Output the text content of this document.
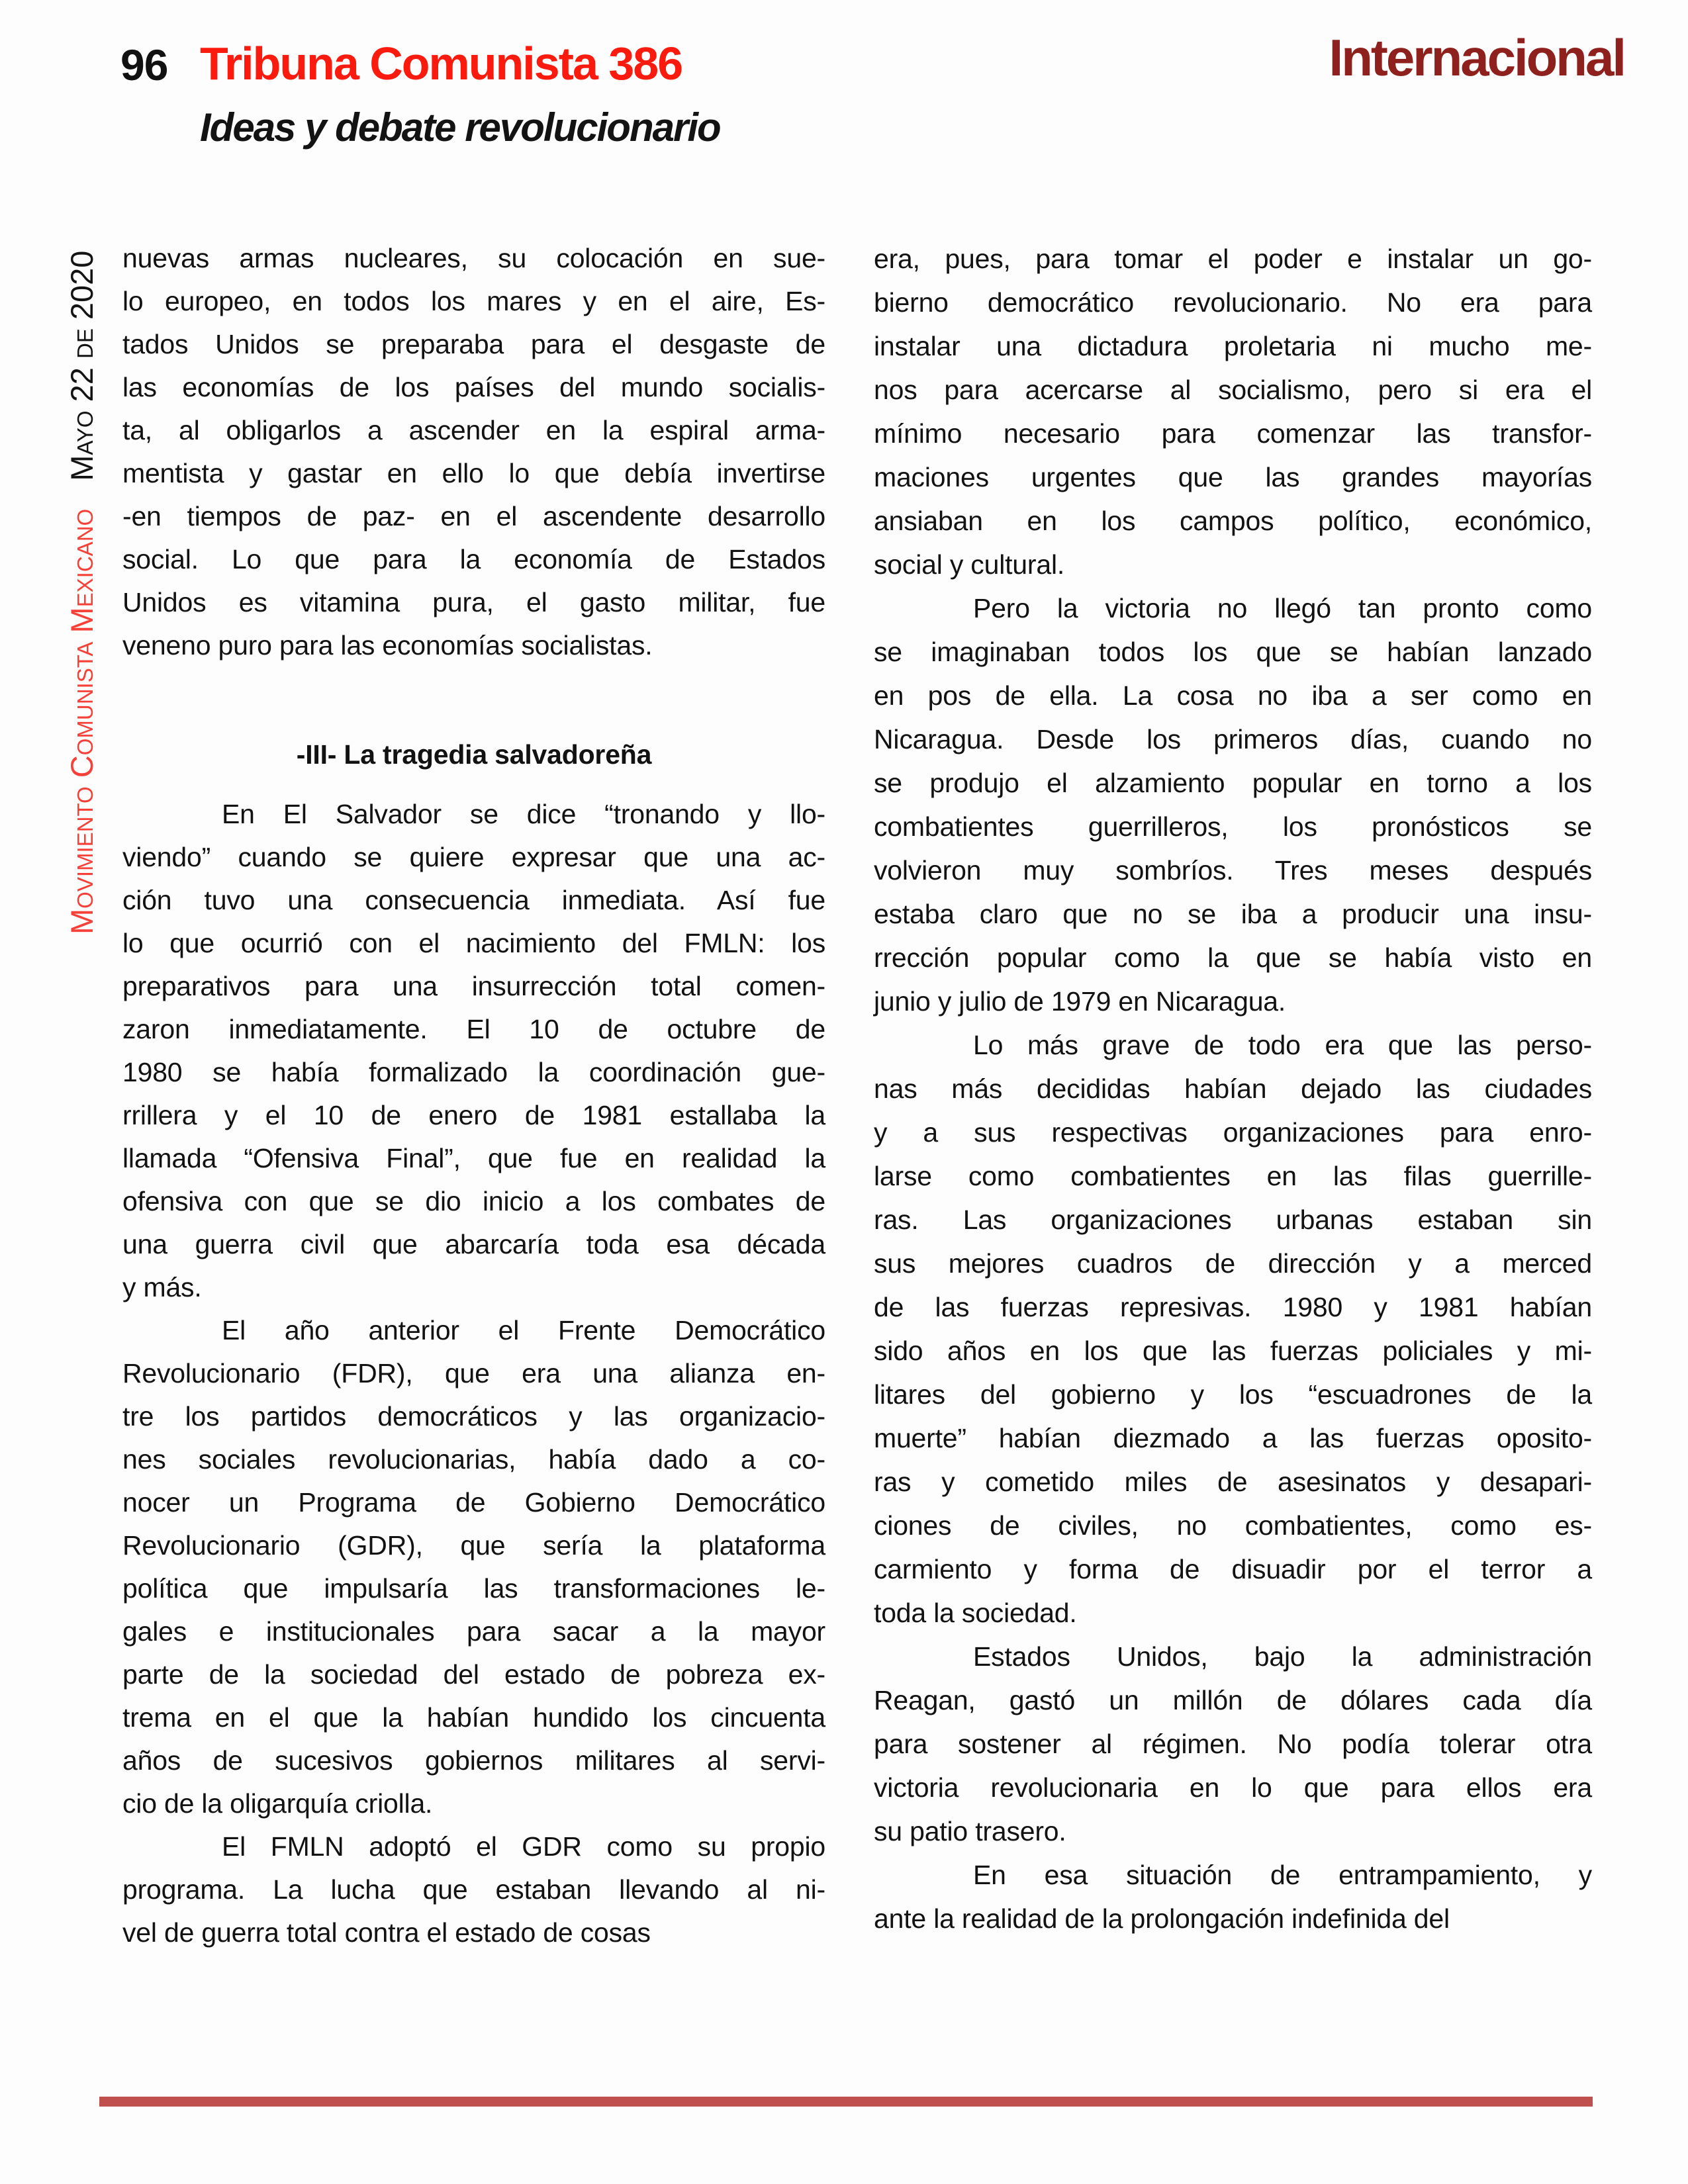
96 Tribuna Comunista 386
Ideas y debate revolucionario
Internacional
Movimiento Comunista MexicanoMayo 22 de 2020 nuevas armas nucleares, su colocación en sue-
lo europeo, en todos los mares y en el aire, Es-
tados Unidos se preparaba para el desgaste de
las economías de los países del mundo socialis-
ta, al obligarlos a ascender en la espiral arma-
mentista y gastar en ello lo que debía invertirse
-en tiempos de paz- en el ascendente desarrollo
social. Lo que para la economía de Estados
Unidos es vitamina pura, el gasto militar, fue
veneno puro para las economías socialistas.
-III- La tragedia salvadoreña
En El Salvador se dice “tronando y llo-
viendo” cuando se quiere expresar que una ac-
ción tuvo una consecuencia inmediata. Así fue
lo que ocurrió con el nacimiento del FMLN: los
preparativos para una insurrección total comen-
zaron inmediatamente. El 10 de octubre de
1980 se había formalizado la coordinación gue-
rrillera y el 10 de enero de 1981 estallaba la
llamada “Ofensiva Final”, que fue en realidad la
ofensiva con que se dio inicio a los combates de
una guerra civil que abarcaría toda esa década
y más.
El año anterior el Frente Democrático
Revolucionario (FDR), que era una alianza en-
tre los partidos democráticos y las organizacio-
nes sociales revolucionarias, había dado a co-
nocer un Programa de Gobierno Democrático
Revolucionario (GDR), que sería la plataforma
política que impulsaría las transformaciones le-
gales e institucionales para sacar a la mayor
parte de la sociedad del estado de pobreza ex-
trema en el que la habían hundido los cincuenta
años de sucesivos gobiernos militares al servi-
cio de la oligarquía criolla.
El FMLN adoptó el GDR como su propio
programa. La lucha que estaban llevando al ni-
vel de guerra total contra el estado de cosas
era, pues, para tomar el poder e instalar un go-
bierno democrático revolucionario. No era para
instalar una dictadura proletaria ni mucho me-
nos para acercarse al socialismo, pero si era el
mínimo necesario para comenzar las transfor-
maciones urgentes que las grandes mayorías
ansiaban en los campos político, económico,
social y cultural.
Pero la victoria no llegó tan pronto como
se imaginaban todos los que se habían lanzado
en pos de ella. La cosa no iba a ser como en
Nicaragua. Desde los primeros días, cuando no
se produjo el alzamiento popular en torno a los
combatientes guerrilleros, los pronósticos se
volvieron muy sombríos. Tres meses después
estaba claro que no se iba a producir una insu-
rrección popular como la que se había visto en
junio y julio de 1979 en Nicaragua.
Lo más grave de todo era que las perso-
nas más decididas habían dejado las ciudades
y a sus respectivas organizaciones para enro-
larse como combatientes en las filas guerrille-
ras. Las organizaciones urbanas estaban sin
sus mejores cuadros de dirección y a merced
de las fuerzas represivas. 1980 y 1981 habían
sido años en los que las fuerzas policiales y mi-
litares del gobierno y los “escuadrones de la
muerte” habían diezmado a las fuerzas oposito-
ras y cometido miles de asesinatos y desapari-
ciones de civiles, no combatientes, como es-
carmiento y forma de disuadir por el terror a
toda la sociedad.
Estados Unidos, bajo la administración
Reagan, gastó un millón de dólares cada día
para sostener al régimen. No podía tolerar otra
victoria revolucionaria en lo que para ellos era
su patio trasero.
En esa situación de entrampamiento, y
ante la realidad de la prolongación indefinida del
